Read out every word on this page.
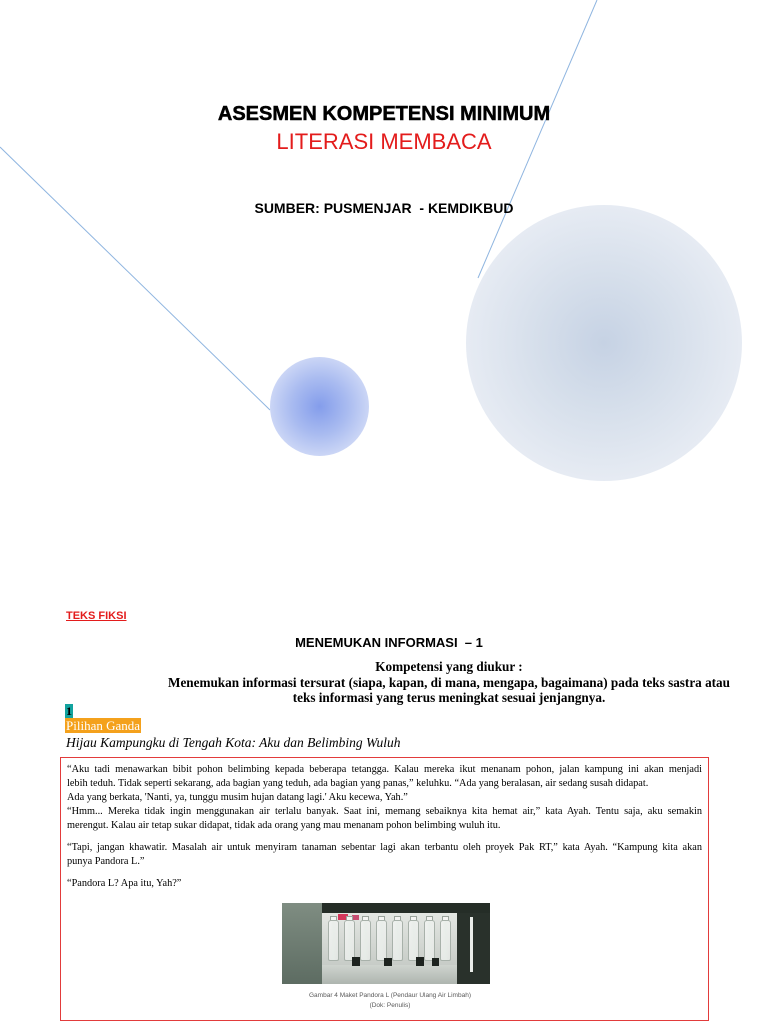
ASESMEN KOMPETENSI MINIMUM
LITERASI MEMBACA
SUMBER: PUSMENJAR  - KEMDIKBUD
TEKS FIKSI
MENEMUKAN INFORMASI  – 1
Kompetensi yang diukur :
Menemukan informasi tersurat (siapa, kapan, di mana, mengapa, bagaimana) pada teks sastra atau
teks informasi yang terus meningkat sesuai jenjangnya.
1
Pilihan Ganda
Hijau Kampungku di Tengah Kota: Aku dan Belimbing Wuluh
“Aku tadi menawarkan bibit pohon belimbing kepada beberapa tetangga. Kalau mereka ikut menanam pohon, jalan kampung ini akan menjadi
lebih teduh. Tidak seperti sekarang, ada bagian yang teduh, ada bagian yang panas,” keluhku. “Ada yang beralasan, air sedang susah didapat.
Ada yang berkata, 'Nanti, ya, tunggu musim hujan datang lagi.' Aku kecewa, Yah.”
“Hmm... Mereka tidak ingin menggunakan air terlalu banyak. Saat ini, memang sebaiknya kita hemat air,” kata Ayah. Tentu saja, aku semakin
merengut. Kalau air tetap sukar didapat, tidak ada orang yang mau menanam pohon belimbing wuluh itu.
“Tapi, jangan khawatir. Masalah air untuk menyiram tanaman sebentar lagi akan terbantu oleh proyek Pak RT,” kata Ayah. “Kampung kita akan
punya Pandora L.”
“Pandora L? Apa itu, Yah?”
Gambar 4 Maket Pandora L (Pendaur Ulang Air Limbah)
(Dok: Penulis)
